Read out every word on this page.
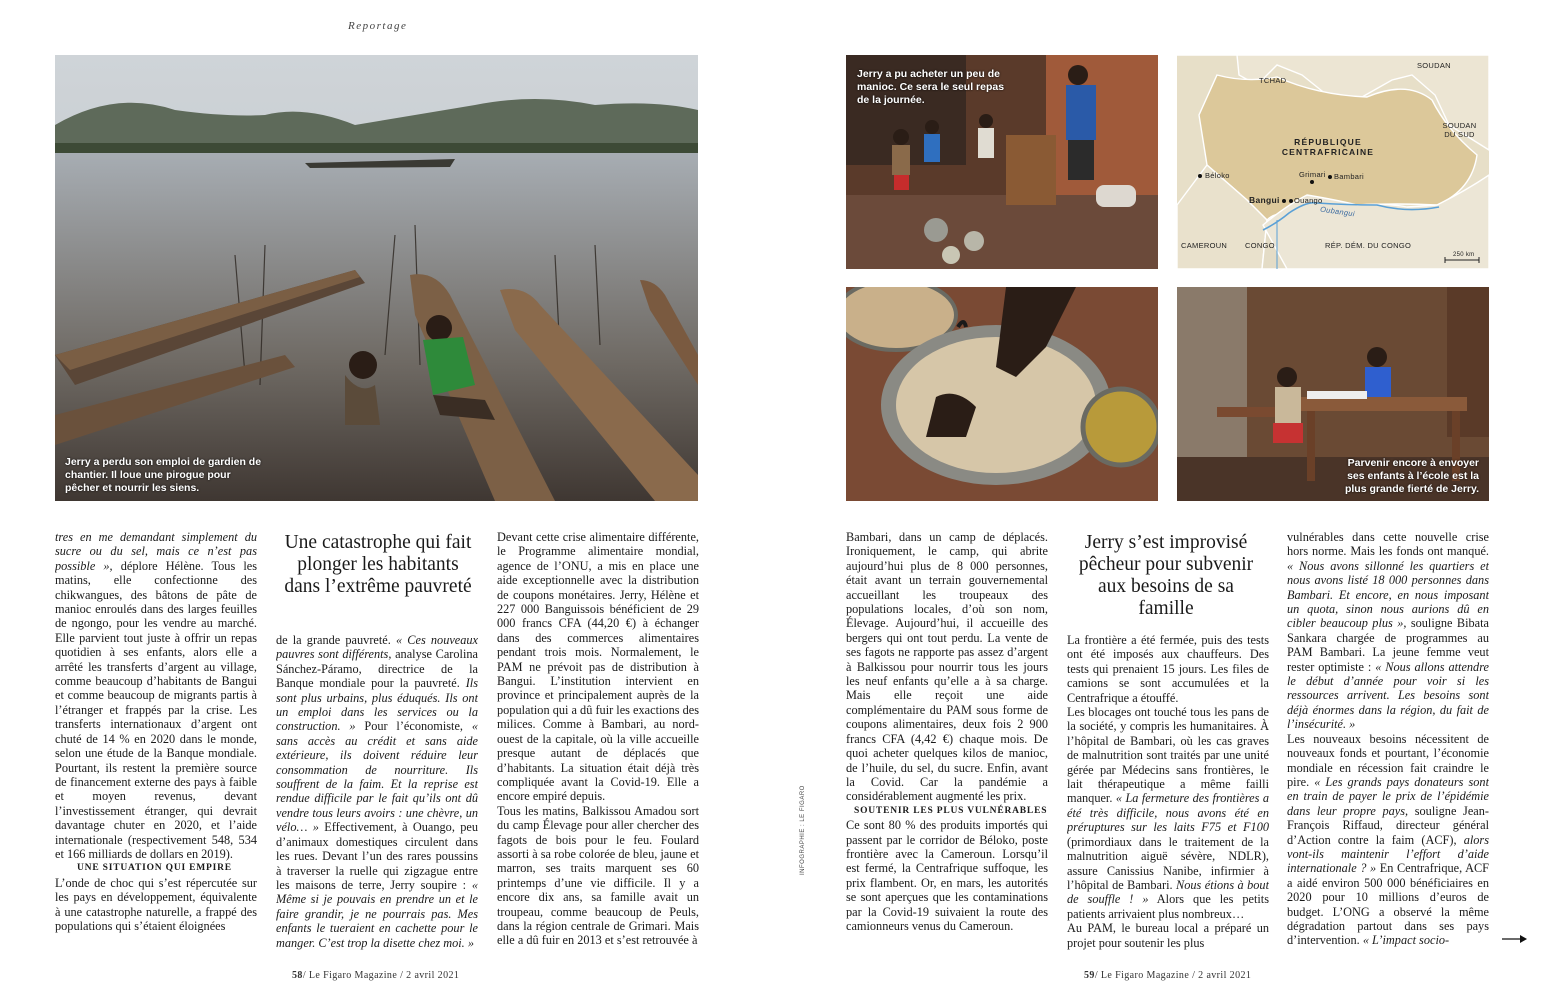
Reportage
Jerry a perdu son emploi de gardien de chantier. Il loue une pirogue pour pêcher et nourrir les siens.
Jerry a pu acheter un peu de manioc. Ce sera le seul repas de la journée.
TCHAD
SOUDAN
SOUDAN DU SUD
RÉPUBLIQUE
CENTRAFRICAINE
Béloko	Grimari Bambari
Bangui Ouango
Oubangui
CAMEROUN CONGO	RÉP. DÉM. DU CONGO
250 km
Parvenir encore à envoyer ses enfants à l’école est la plus grande fierté de Jerry.

tres en me demandant simplement du sucre ou du sel, mais ce n’est pas possible », déplore Hélène. Tous les matins, elle confectionne des chikwangues, des bâtons de pâte de manioc enroulés dans des larges feuilles de ngongo, pour les vendre au marché. Elle parvient tout juste à offrir un repas quotidien à ses enfants, alors elle a arrêté les transferts d’argent au village, comme beaucoup d’habitants de Bangui et comme beaucoup de migrants partis à l’étranger et frappés par la crise. Les transferts internationaux d’argent ont chuté de 14 % en 2020 dans le monde, selon une étude de la Banque mondiale. Pourtant, ils restent la première source de financement externe des pays à faible et moyen revenus, devant l’investissement étranger, qui devrait davantage chuter en 2020, et l’aide internationale (respectivement 548, 534 et 166 milliards de dollars en 2019).

UNE SITUATION QUI EMPIRE

L’onde de choc qui s’est répercutée sur les pays en développement, équivalente à une catastrophe naturelle, a frappé des populations qui s’étaient éloignées

Une catastrophe qui fait plonger les habitants dans l’extrême pauvreté

de la grande pauvreté. « Ces nouveaux pauvres sont différents, analyse Carolina Sánchez-Páramo, directrice de la Banque mondiale pour la pauvreté. Ils sont plus urbains, plus éduqués. Ils ont un emploi dans les services ou la construction. » Pour l’économiste, « sans accès au crédit et sans aide extérieure, ils doivent réduire leur consommation de nourriture. Ils souffrent de la faim. Et la reprise est rendue difficile par le fait qu’ils ont dû vendre tous leurs avoirs : une chèvre, un vélo… » Effectivement, à Ouango, peu d’animaux domestiques circulent dans les rues. Devant l’un des rares poussins à traverser la ruelle qui zigzague entre les maisons de terre, Jerry soupire : « Même si je pouvais en prendre un et le faire grandir, je ne pourrais pas. Mes enfants le tueraient en cachette pour le manger. C’est trop la disette chez moi. »

Devant cette crise alimentaire différente, le Programme alimentaire mondial, agence de l’ONU, a mis en place une aide exceptionnelle avec la distribution de coupons monétaires. Jerry, Hélène et 227 000 Banguissois bénéficient de 29 000 francs CFA (44,20 €) à échanger dans des commerces alimentaires pendant trois mois. Normalement, le PAM ne prévoit pas de distribution à Bangui. L’institution intervient en province et principalement auprès de la population qui a dû fuir les exactions des milices. Comme à Bambari, au nord-ouest de la capitale, où la ville accueille presque autant de déplacés que d’habitants. La situation était déjà très compliquée avant la Covid-19. Elle a encore empiré depuis.

Tous les matins, Balkissou Amadou sort du camp Élevage pour aller chercher des fagots de bois pour le feu. Foulard assorti à sa robe colorée de bleu, jaune et marron, ses traits marquent ses 60 printemps d’une vie difficile. Il y a encore dix ans, sa famille avait un troupeau, comme beaucoup de Peuls, dans la région centrale de Grimari. Mais elle a dû fuir en 2013 et s’est retrouvée à

Bambari, dans un camp de déplacés. Ironiquement, le camp, qui abrite aujourd’hui plus de 8 000 personnes, était avant un terrain gouvernemental accueillant les troupeaux des populations locales, d’où son nom, Élevage. Aujourd’hui, il accueille des bergers qui ont tout perdu. La vente de ses fagots ne rapporte pas assez d’argent à Balkissou pour nourrir tous les jours les neuf enfants qu’elle a à sa charge. Mais elle reçoit une aide complémentaire du PAM sous forme de coupons alimentaires, deux fois 2 900 francs CFA (4,42 €) chaque mois. De quoi acheter quelques kilos de manioc, de l’huile, du sel, du sucre. Enfin, avant la Covid. Car la pandémie a considérablement augmenté les prix.

SOUTENIR LES PLUS VULNÉRABLES

Ce sont 80 % des produits importés qui passent par le corridor de Béloko, poste frontière avec la Cameroun. Lorsqu’il est fermé, la Centrafrique suffoque, les prix flambent. Or, en mars, les autorités se sont aperçues que les contaminations par la Covid-19 suivaient la route des camionneurs venus du Cameroun.

Jerry s’est improvisé pêcheur pour subvenir aux besoins de sa famille

La frontière a été fermée, puis des tests ont été imposés aux chauffeurs. Des tests qui prenaient 15 jours. Les files de camions se sont accumulées et la Centrafrique a étouffé.

Les blocages ont touché tous les pans de la société, y compris les humanitaires. À l’hôpital de Bambari, où les cas graves de malnutrition sont traités par une unité gérée par Médecins sans frontières, le lait thérapeutique a même failli manquer. « La fermeture des frontières a été très difficile, nous avons été en préruptures sur les laits F75 et F100 (primordiaux dans le traitement de la malnutrition aiguë sévère, NDLR), assure Canissius Nanibe, infirmier à l’hôpital de Bambari. Nous étions à bout de souffle ! » Alors que les petits patients arrivaient plus nombreux…

Au PAM, le bureau local a préparé un projet pour soutenir les plus

vulnérables dans cette nouvelle crise hors norme. Mais les fonds ont manqué. « Nous avons sillonné les quartiers et nous avons listé 18 000 personnes dans Bambari. Et encore, en nous imposant un quota, sinon nous aurions dû en cibler beaucoup plus », souligne Bibata Sankara chargée de programmes au PAM Bambari. La jeune femme veut rester optimiste : « Nous allons attendre le début d’année pour voir si les ressources arrivent. Les besoins sont déjà énormes dans la région, du fait de l’insécurité. »

Les nouveaux besoins nécessitent de nouveaux fonds et pourtant, l’économie mondiale en récession fait craindre le pire. « Les grands pays donateurs sont en train de payer le prix de l’épidémie dans leur propre pays, souligne Jean-François Riffaud, directeur général d’Action contre la faim (ACF), alors vont-ils maintenir l’effort d’aide internationale ? » En Centrafrique, ACF a aidé environ 500 000 bénéficiaires en 2020 pour 10 millions d’euros de budget. L’ONG a observé la même dégradation partout dans ses pays d’intervention. « L’impact socio-

INFOGRAPHIE : LE FIGARO
58/ Le Figaro Magazine / 2 avril 2021	59/ Le Figaro Magazine / 2 avril 2021
